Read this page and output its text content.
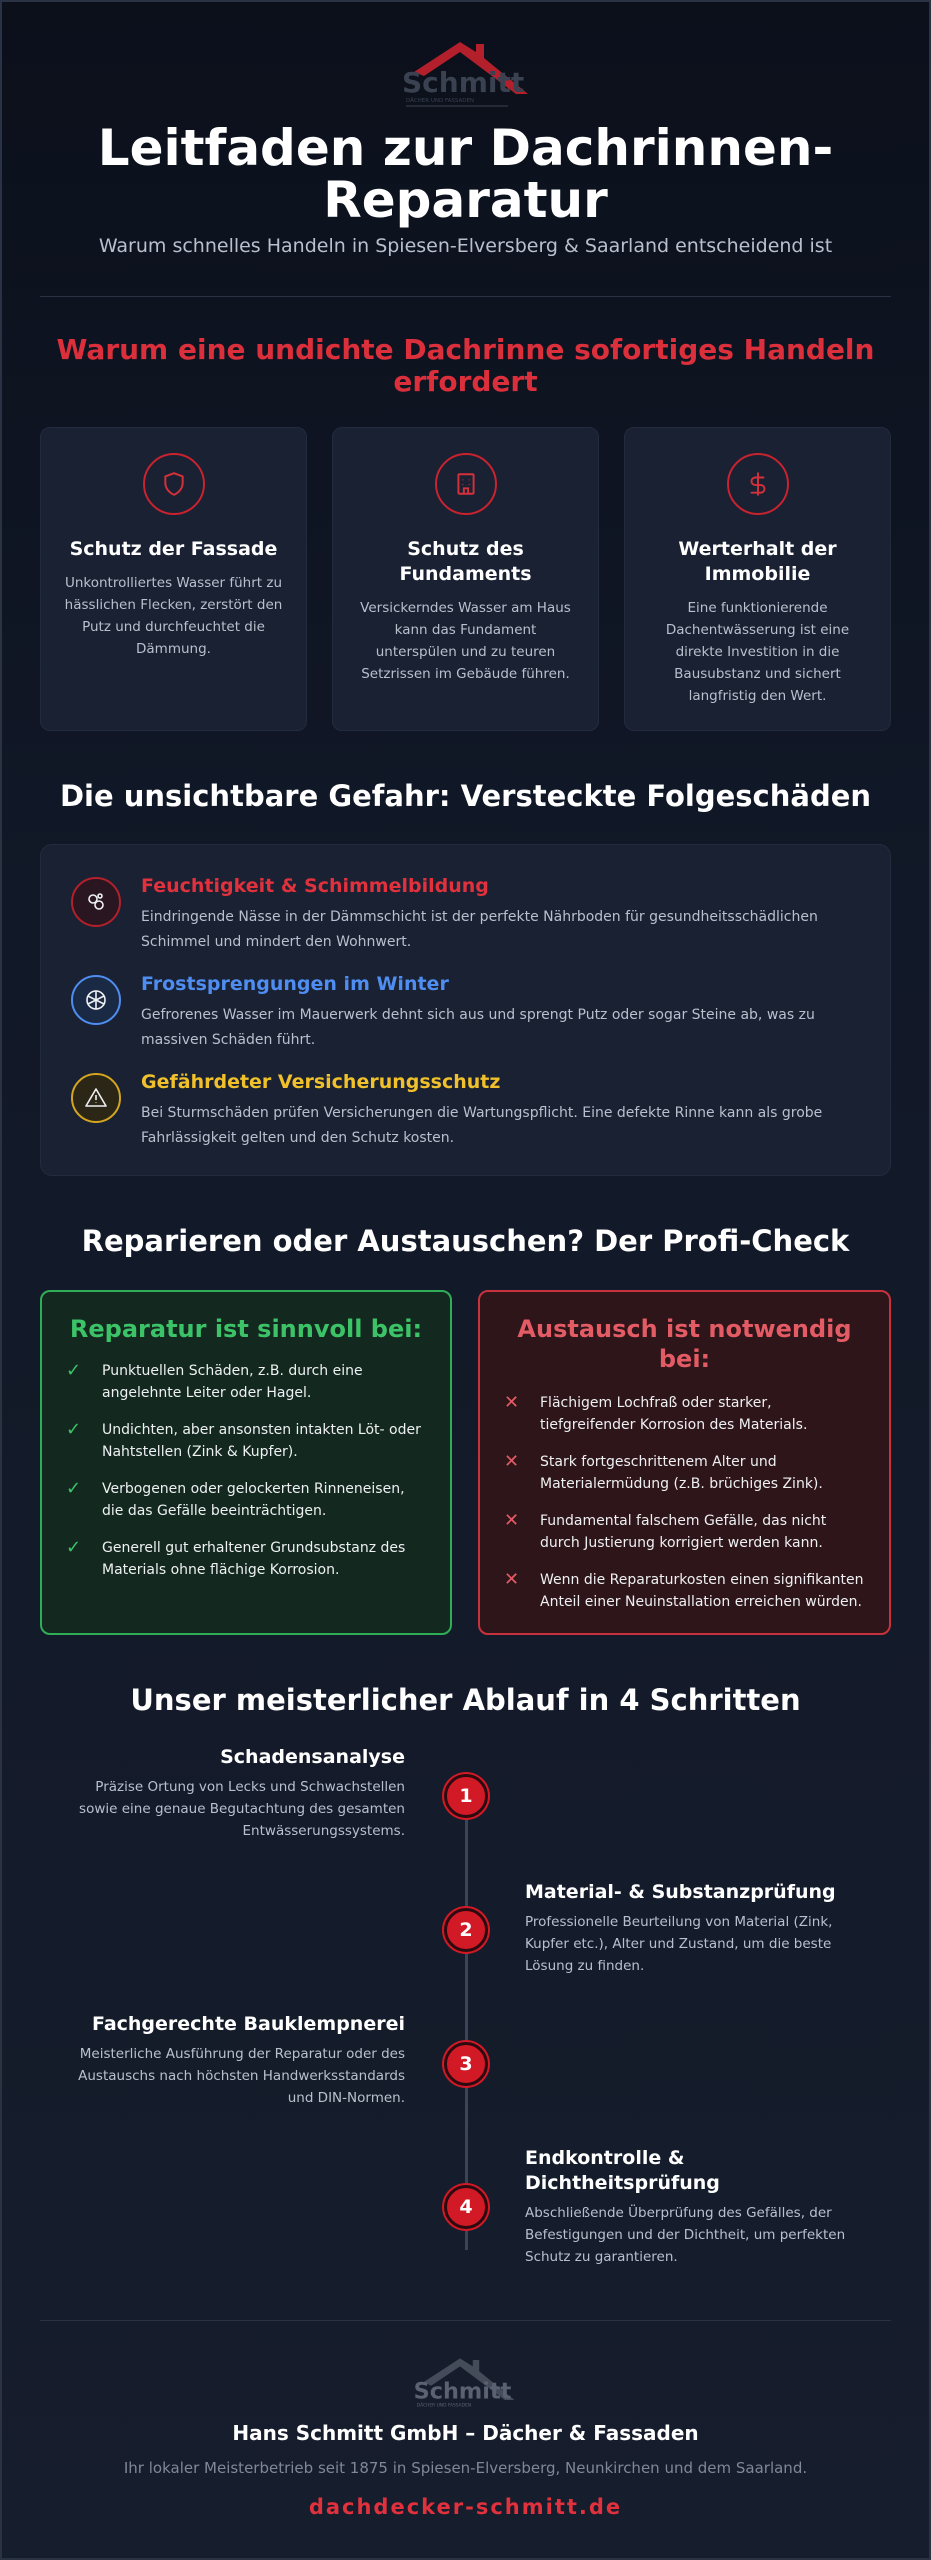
Schmitt
DÄCHER UND FASSADEN
Leitfaden zur Dachrinnen-Reparatur

Warum schnelles Handeln in Spiesen-Elversberg & Saarland entscheidend ist

Warum eine undichte Dachrinne sofortiges Handeln erfordert
Schutz der Fassade

Unkontrolliertes Wasser führt zu hässlichen Flecken, zerstört den Putz und durchfeuchtet die Dämmung.

Schutz des Fundaments

Versickerndes Wasser am Haus kann das Fundament unterspülen und zu teuren Setzrissen im Gebäude führen.

Werterhalt der Immobilie

Eine funktionierende Dachentwässerung ist eine direkte Investition in die Bausubstanz und sichert langfristig den Wert.

Die unsichtbare Gefahr: Versteckte Folgeschäden
Feuchtigkeit & Schimmelbildung

Eindringende Nässe in der Dämmschicht ist der perfekte Nährboden für gesundheitsschädlichen Schimmel und mindert den Wohnwert.

Frostsprengungen im Winter

Gefrorenes Wasser im Mauerwerk dehnt sich aus und sprengt Putz oder sogar Steine ab, was zu massiven Schäden führt.

Gefährdeter Versicherungsschutz

Bei Sturmschäden prüfen Versicherungen die Wartungspflicht. Eine defekte Rinne kann als grobe Fahrlässigkeit gelten und den Schutz kosten.

Reparieren oder Austauschen? Der Profi-Check
Reparatur ist sinnvoll bei:
✓ Punktuellen Schäden, z.B. durch eine angelehnte Leiter oder Hagel.
✓ Undichten, aber ansonsten intakten Löt- oder Nahtstellen (Zink & Kupfer).
✓ Verbogenen oder gelockerten Rinneneisen, die das Gefälle beeinträchtigen.
✓ Generell gut erhaltener Grundsubstanz des Materials ohne flächige Korrosion.
Austausch ist notwendig bei:
✕ Flächigem Lochfraß oder starker, tiefgreifender Korrosion des Materials.
✕ Stark fortgeschrittenem Alter und Materialermüdung (z.B. brüchiges Zink).
✕ Fundamental falschem Gefälle, das nicht durch Justierung korrigiert werden kann.
✕ Wenn die Reparaturkosten einen signifikanten Anteil einer Neuinstallation erreichen würden.
Unser meisterlicher Ablauf in 4 Schritten
1
2
3
4
Schadensanalyse

Präzise Ortung von Lecks und Schwachstellen sowie eine genaue Begutachtung des gesamten Entwässerungssystems.

Material- & Substanzprüfung

Professionelle Beurteilung von Material (Zink, Kupfer etc.), Alter und Zustand, um die beste Lösung zu finden.

Fachgerechte Bauklempnerei

Meisterliche Ausführung der Reparatur oder des Austauschs nach höchsten Handwerksstandards und DIN-Normen.

Endkontrolle & Dichtheitsprüfung

Abschließende Überprüfung des Gefälles, der Befestigungen und der Dichtheit, um perfekten Schutz zu garantieren.

Schmitt
DÄCHER UND FASSADEN
Hans Schmitt GmbH – Dächer & Fassaden
Ihr lokaler Meisterbetrieb seit 1875 in Spiesen-Elversberg, Neunkirchen und dem Saarland.
dachdecker-schmitt.de
